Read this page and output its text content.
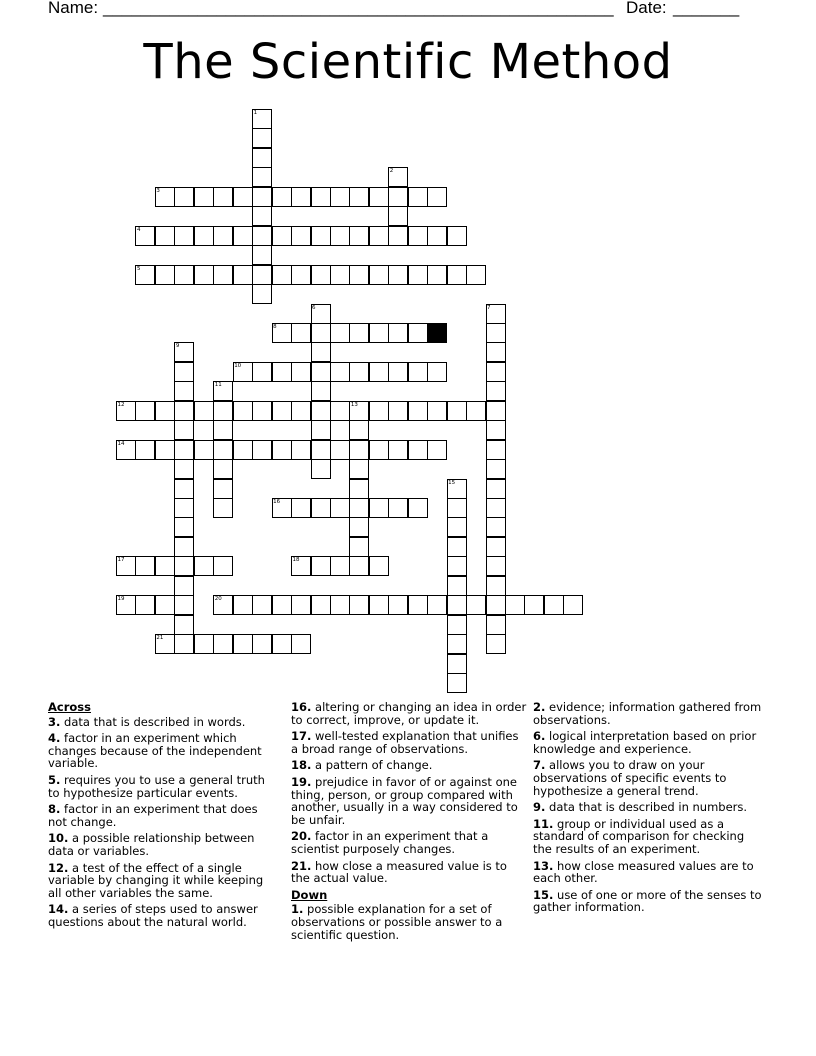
Name: ______________________________________________________ Date: _______
The Scientific Method
1
2
3
4
5
6	7
8
9
10
11
12	13
14
15
16
17	18
19	20
21
Across
3. data that is described in words.
4. factor in an experiment which changes because of the independent variable.
5. requires you to use a general truth to hypothesize particular events.
8. factor in an experiment that does not change.
10. a possible relationship between data or variables.
12. a test of the effect of a single variable by changing it while keeping all other variables the same.
14. a series of steps used to answer questions about the natural world.
16. altering or changing an idea in order to correct, improve, or update it.
17. well-tested explanation that unifies a broad range of observations.
18. a pattern of change.
19. prejudice in favor of or against one thing, person, or group compared with another, usually in a way considered to be unfair.
20. factor in an experiment that a scientist purposely changes.
21. how close a measured value is to the actual value.
Down
1. possible explanation for a set of observations or possible answer to a scientific question.
2. evidence; information gathered from observations.
6. logical interpretation based on prior knowledge and experience.
7. allows you to draw on your observations of specific events to hypothesize a general trend.
9. data that is described in numbers.
11. group or individual used as a standard of comparison for checking the results of an experiment.
13. how close measured values are to each other.
15. use of one or more of the senses to gather information.
